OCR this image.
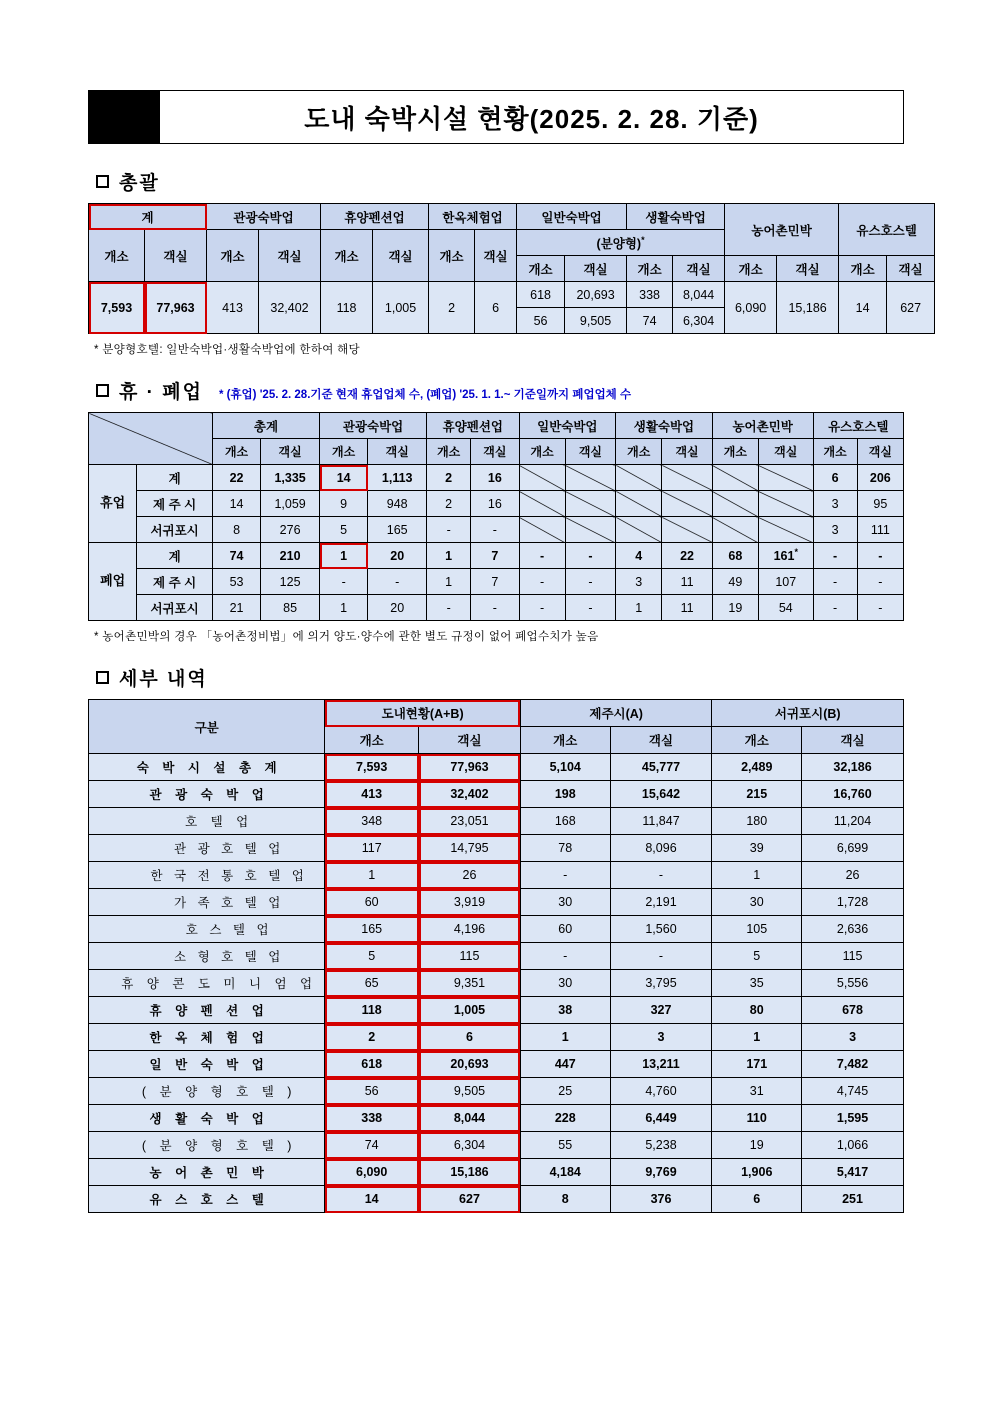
도내 숙박시설 현황(2025. 2. 28. 기준)
총괄
계		관광숙박업		휴양펜션업		한옥체험업		일반숙박업		생활숙박업		농어촌민박		유스호스텔	
개소	객실	개소	객실	개소	객실	개소	객실	(분양형)*
								개소	객실	개소	객실	개소	객실	개소	객실
7,593	77,963	413	32,402	118	1,005	2	6	618	20,693	338	8,044	6,090	15,186	14	627
								56	9,505	74	6,304				
* 분양형호텔: 일반숙박업·생활숙박업에 한하여 해당
휴 · 폐업 * (휴업) '25. 2. 28.기준 현재 휴업업체 수, (폐업) '25. 1. 1.~ 기준일까지 폐업업체 수
		총계		관광숙박업		휴양펜션업		일반숙박업		생활숙박업		농어촌민박		유스호스텔	
		개소	객실	개소	객실	개소	객실	개소	객실	개소	객실	개소	객실	개소	객실
휴업	계	22	1,335	14	1,113	2	16							6	206
	제 주 시	14	1,059	9	948	2	16							3	95
	서귀포시	8	276	5	165	-	-							3	111
폐업	계	74	210	1	20	1	7	-	-	4	22	68	161*	-	-
	제 주 시	53	125	-	-	1	7	-	-	3	11	49	107	-	-
	서귀포시	21	85	1	20	-	-	-	-	1	11	19	54	-	-
* 농어촌민박의 경우 「농어촌정비법」에 의거 양도·양수에 관한 별도 규정이 없어 폐업수치가 높음
세부 내역
구분	도내현황(A+B)		제주시(A)		서귀포시(B)	
	개소	객실	개소	객실	개소	객실
숙 박 시 설 총 계	7,593	77,963	5,104	45,777	2,489	32,186
관 광 숙 박 업	413	32,402	198	15,642	215	16,760
호 텔 업	348	23,051	168	11,847	180	11,204
관 광 호 텔 업	117	14,795	78	8,096	39	6,699
한 국 전 통 호 텔 업	1	26	-	-	1	26
가 족 호 텔 업	60	3,919	30	2,191	30	1,728
호 스 텔 업	165	4,196	60	1,560	105	2,636
소 형 호 텔 업	5	115	-	-	5	115
휴 양 콘 도 미 니 엄 업	65	9,351	30	3,795	35	5,556
휴 양 펜 션 업	118	1,005	38	327	80	678
한 옥 체 험 업	2	6	1	3	1	3
일 반 숙 박 업	618	20,693	447	13,211	171	7,482
( 분 양 형 호 텔 )	56	9,505	25	4,760	31	4,745
생 활 숙 박 업	338	8,044	228	6,449	110	1,595
( 분 양 형 호 텔 )	74	6,304	55	5,238	19	1,066
농 어 촌 민 박	6,090	15,186	4,184	9,769	1,906	5,417
유 스 호 스 텔	14	627	8	376	6	251
